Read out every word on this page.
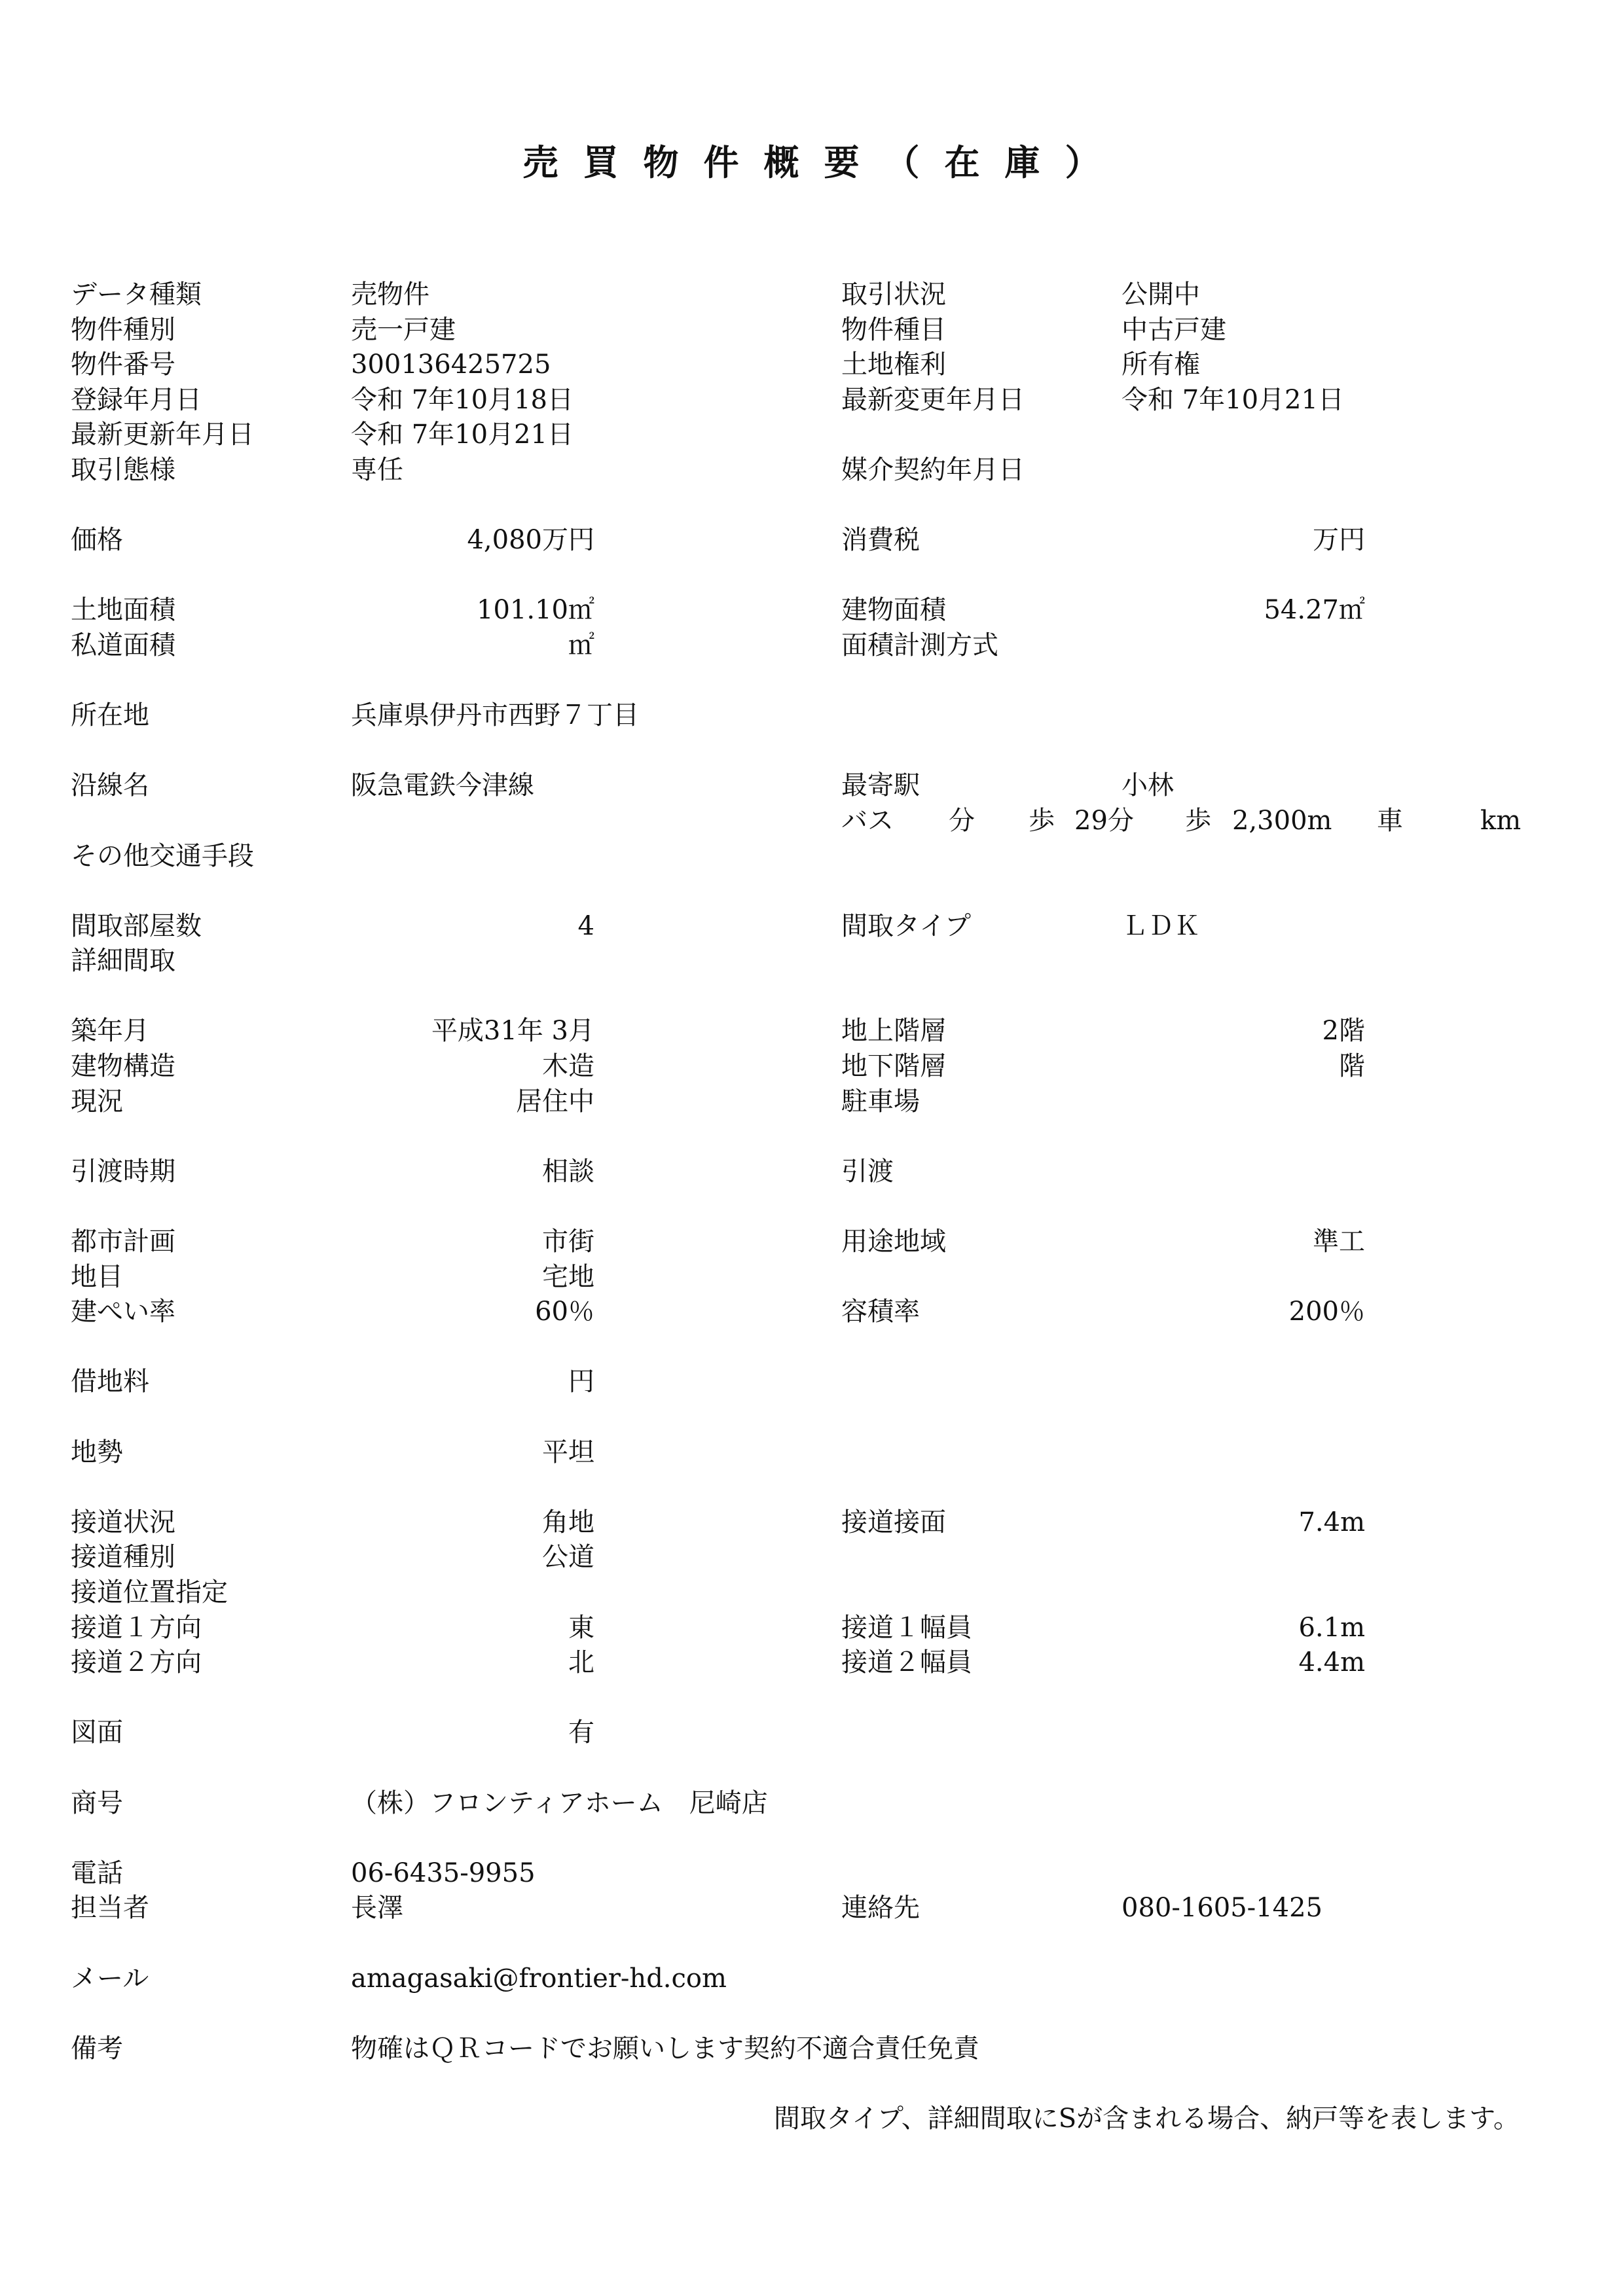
売買物件概要（在庫）
データ種類	売物件	取引状況	公開中
物件種別	売一戸建	物件種目	中古戸建
物件番号	300136425725	土地権利	所有権
登録年月日	令和 7年10月18日	最新変更年月日	令和 7年10月21日
最新更新年月日	令和 7年10月21日
取引態様	専任	媒介契約年月日
価格	4,080万円	消費税	万円
土地面積	101.10㎡	建物面積	54.27㎡
私道面積	㎡	面積計測方式
所在地	兵庫県伊丹市西野７丁目
沿線名	阪急電鉄今津線	最寄駅	小林
バス 分 歩 29分 歩 2,300m 車	km
その他交通手段
間取部屋数	4	間取タイプ	ＬＤＫ
詳細間取
築年月	平成31年 3月	地上階層	2階
建物構造	木造	地下階層	階
現況	居住中	駐車場
引渡時期	相談	引渡
都市計画	市街	用途地域	準工
地目	宅地
建ぺい率	60％	容積率	200％
借地料	円
地勢	平坦
接道状況	角地	接道接面	7.4m
接道種別	公道
接道位置指定
接道１方向	東	接道１幅員	6.1m
接道２方向	北	接道２幅員	4.4m
図面	有
商号	（株）フロンティアホーム　尼崎店
電話	06-6435-9955
担当者	長澤	連絡先	080-1605-1425
メール	amagasaki@frontier-hd.com
備考	物確はＱＲコードでお願いします契約不適合責任免責
間取タイプ、詳細間取にSが含まれる場合、納戸等を表します。
